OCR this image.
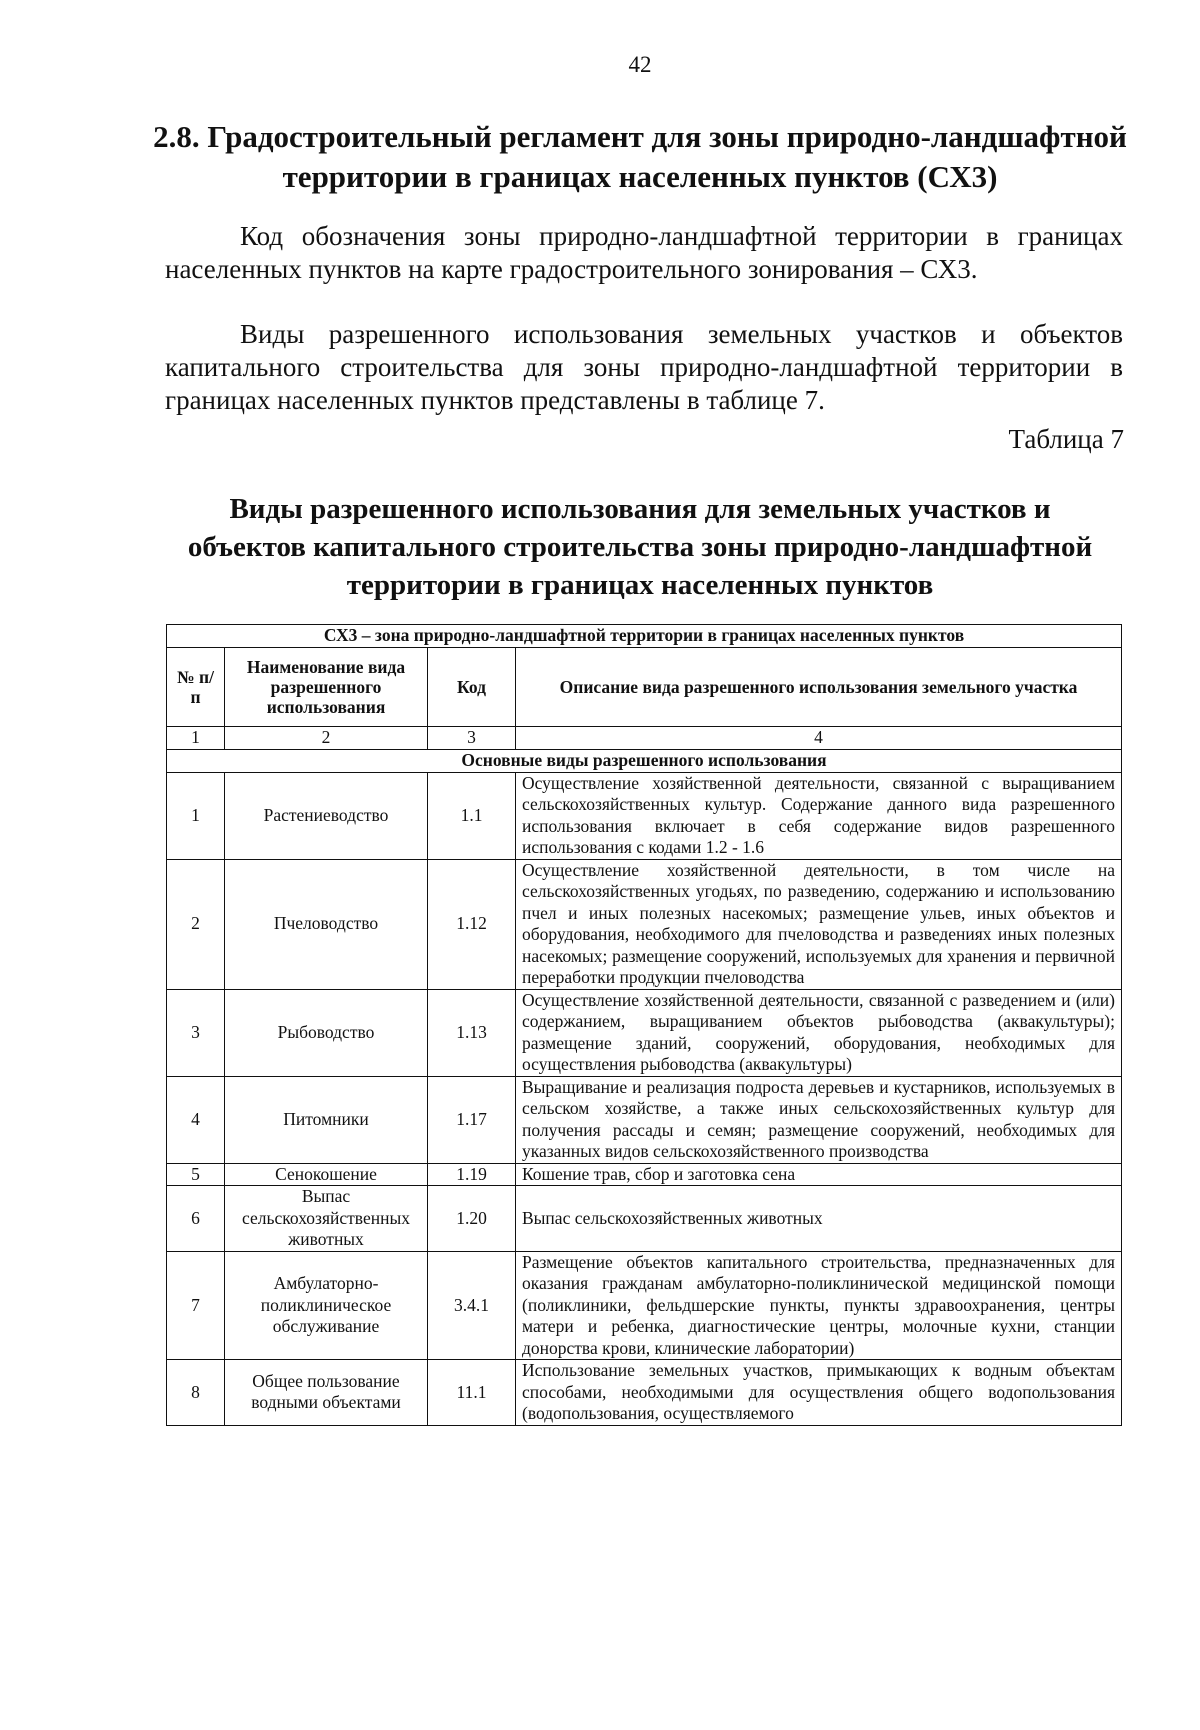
42
2.8. Градостроительный регламент для зоны природно-ландшафтной
территории в границах населенных пунктов (СХ3)
Код обозначения зоны природно-ландшафтной территории в границах населенных пунктов на карте градостроительного зонирования – СХ3.
Виды разрешенного использования земельных участков и объектов капитального строительства для зоны природно-ландшафтной территории в границах населенных пунктов представлены в таблице 7.
Таблица 7
Виды разрешенного использования для земельных участков и
объектов капитального строительства зоны природно-ландшафтной
территории в границах населенных пунктов
СХ3 – зона природно-ландшафтной территории в границах населенных пунктов			
№ п/п	Наименование вида разрешенного использования	Код	Описание вида разрешенного использования земельного участка
1	2	3	4
Основные виды разрешенного использования			
1	Растениеводство	1.1	Осуществление хозяйственной деятельности, связанной с выращиванием сельскохозяйственных культур. Содержание данного вида разрешенного использования включает в себя содержание видов разрешенного использования с кодами 1.2 - 1.6
2	Пчеловодство	1.12	Осуществление хозяйственной деятельности, в том числе на сельскохозяйственных угодьях, по разведению, содержанию и использованию пчел и иных полезных насекомых; размещение ульев, иных объектов и оборудования, необходимого для пчеловодства и разведениях иных полезных насекомых; размещение сооружений, используемых для хранения и первичной переработки продукции пчеловодства
3	Рыбоводство	1.13	Осуществление хозяйственной деятельности, связанной с разведением и (или) содержанием, выращиванием объектов рыбоводства (аквакультуры); размещение зданий, сооружений, оборудования, необходимых для осуществления рыбоводства (аквакультуры)
4	Питомники	1.17	Выращивание и реализация подроста деревьев и кустарников, используемых в сельском хозяйстве, а также иных сельскохозяйственных культур для получения рассады и семян; размещение сооружений, необходимых для указанных видов сельскохозяйственного производства
5	Сенокошение	1.19	Кошение трав, сбор и заготовка сена
6	Выпас сельскохозяйственных животных	1.20	Выпас сельскохозяйственных животных
7	Амбулаторно-поликлиническое обслуживание	3.4.1	Размещение объектов капитального строительства, предназначенных для оказания гражданам амбулаторно-поликлинической медицинской помощи (поликлиники, фельдшерские пункты, пункты здравоохранения, центры матери и ребенка, диагностические центры, молочные кухни, станции донорства крови, клинические лаборатории)
8	Общее пользование водными объектами	11.1	Использование земельных участков, примыкающих к водным объектам способами, необходимыми для осуществления общего водопользования (водопользования, осуществляемого
